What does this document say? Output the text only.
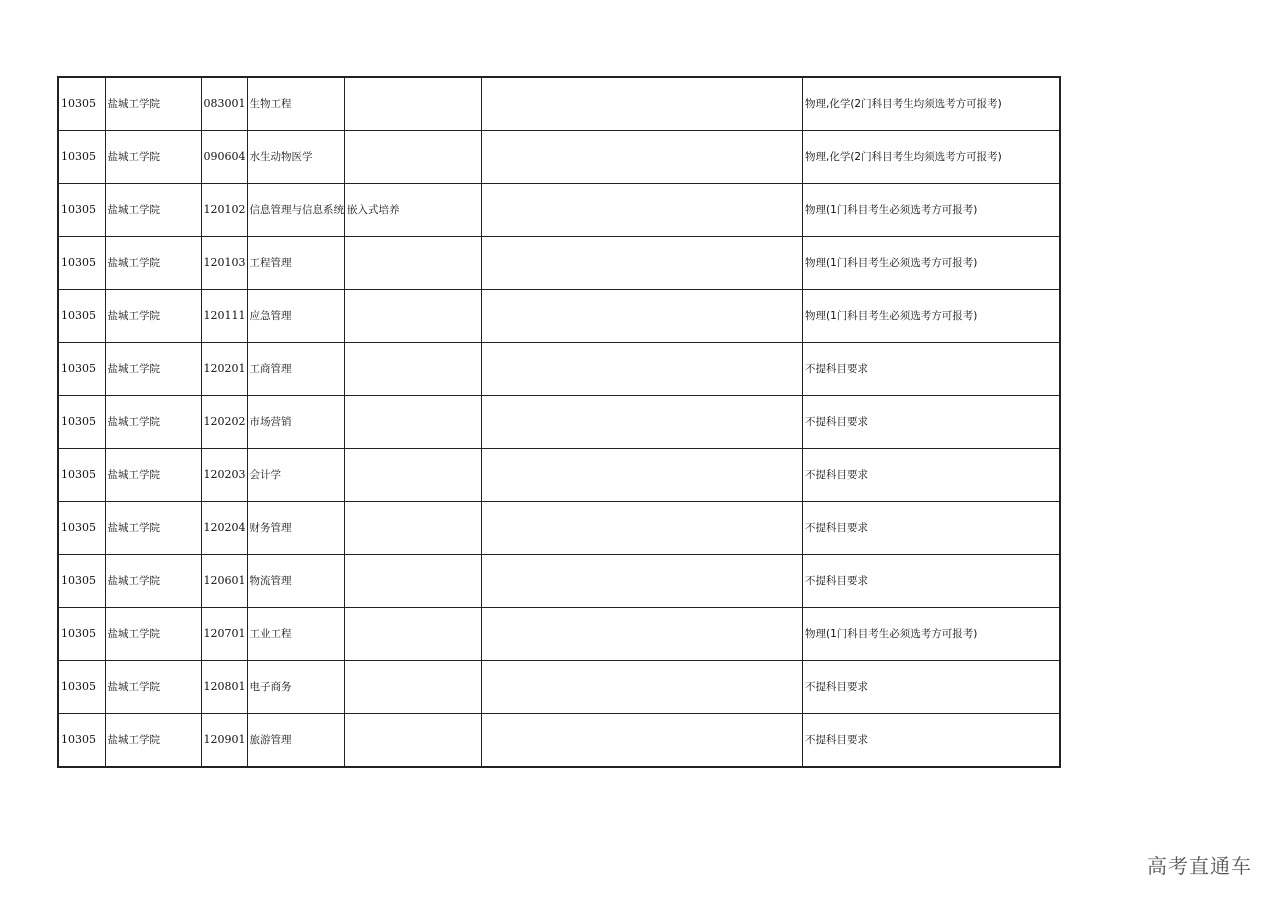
10305	盐城工学院	083001	生物工程			物理,化学(2门科目考生均须选考方可报考)
10305	盐城工学院	090604	水生动物医学			物理,化学(2门科目考生均须选考方可报考)
10305	盐城工学院	120102	信息管理与信息系统	嵌入式培养		物理(1门科目考生必须选考方可报考)
10305	盐城工学院	120103	工程管理			物理(1门科目考生必须选考方可报考)
10305	盐城工学院	120111	应急管理			物理(1门科目考生必须选考方可报考)
10305	盐城工学院	120201	工商管理			不提科目要求
10305	盐城工学院	120202	市场营销			不提科目要求
10305	盐城工学院	120203	会计学			不提科目要求
10305	盐城工学院	120204	财务管理			不提科目要求
10305	盐城工学院	120601	物流管理			不提科目要求
10305	盐城工学院	120701	工业工程			物理(1门科目考生必须选考方可报考)
10305	盐城工学院	120801	电子商务			不提科目要求
10305	盐城工学院	120901	旅游管理			不提科目要求
高考直通车
